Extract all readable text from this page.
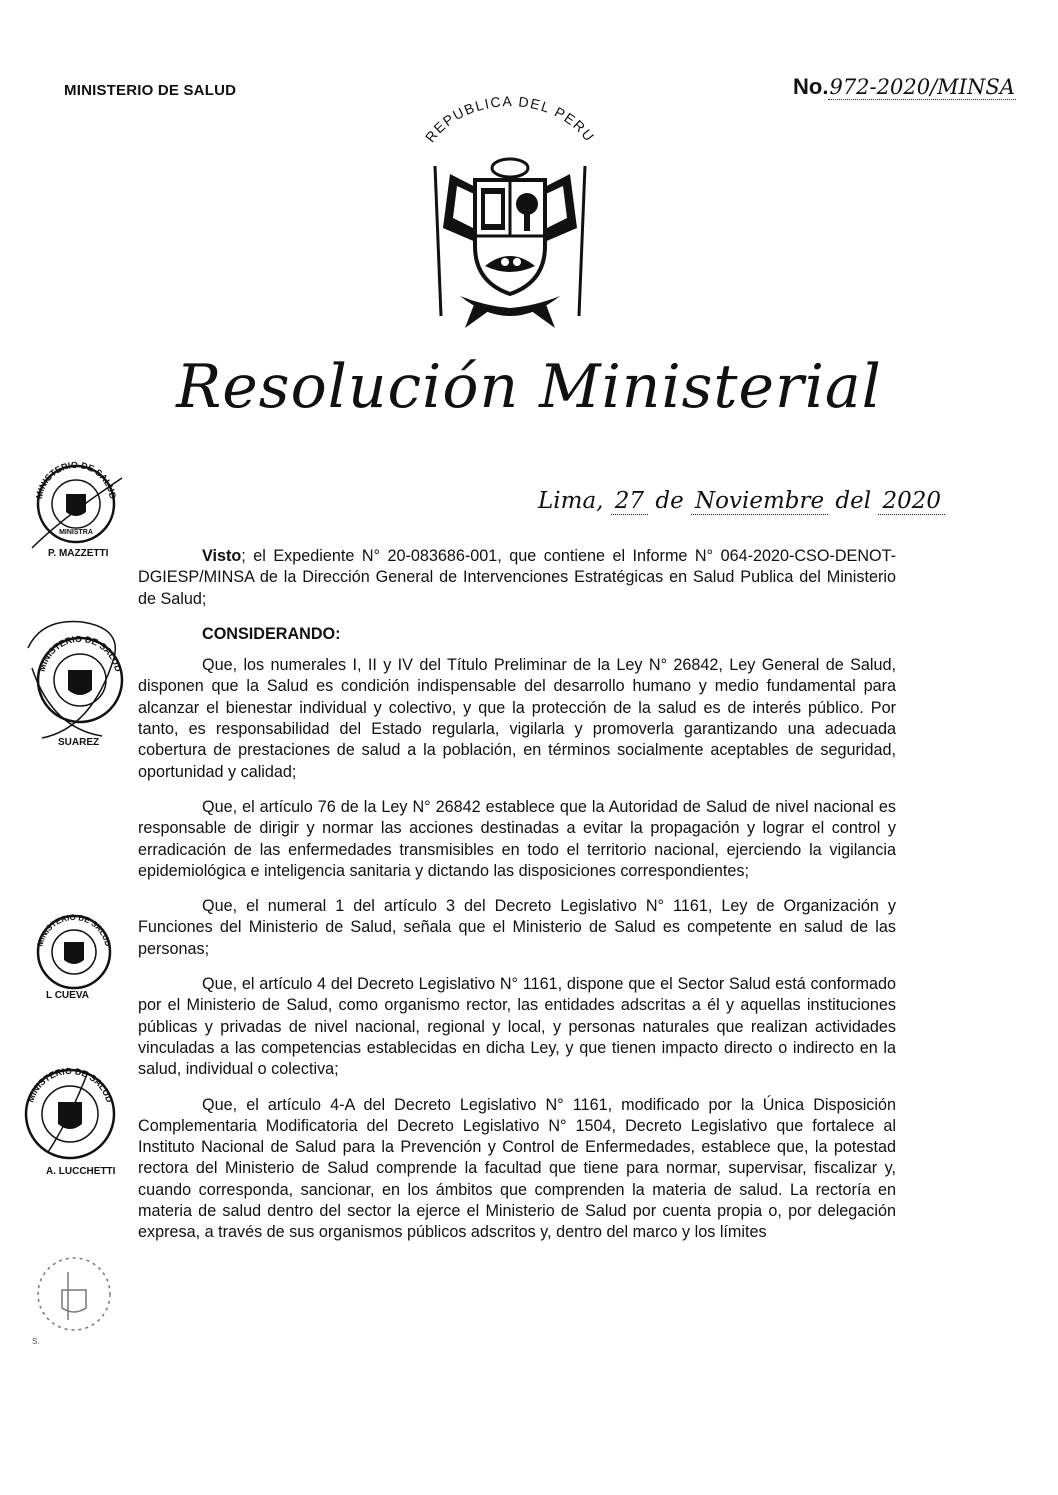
MINISTERIO DE SALUD	No.972-2020/MINSA
REPUBLICA DEL PERU
Resolución Ministerial
Lima, 27 de Noviembre del 2020
MINISTERIO DE SALUD
MINISTRA
P. MAZZETTI
MINISTERIO DE SALUD
SUAREZ
MINISTERIO DE SALUD
L CUEVA
MINISTERIO DE SALUD
A. LUCCHETTI
S.

Visto; el Expediente N° 20-083686-001, que contiene el Informe N° 064-2020-CSO-DENOT-DGIESP/MINSA de la Dirección General de Intervenciones Estratégicas en Salud Publica del Ministerio de Salud;

CONSIDERANDO:

Que, los numerales I, II y IV del Título Preliminar de la Ley N° 26842, Ley General de Salud, disponen que la Salud es condición indispensable del desarrollo humano y medio fundamental para alcanzar el bienestar individual y colectivo, y que la protección de la salud es de interés público. Por tanto, es responsabilidad del Estado regularla, vigilarla y promoverla garantizando una adecuada cobertura de prestaciones de salud a la población, en términos socialmente aceptables de seguridad, oportunidad y calidad;

Que, el artículo 76 de la Ley N° 26842 establece que la Autoridad de Salud de nivel nacional es responsable de dirigir y normar las acciones destinadas a evitar la propagación y lograr el control y erradicación de las enfermedades transmisibles en todo el territorio nacional, ejerciendo la vigilancia epidemiológica e inteligencia sanitaria y dictando las disposiciones correspondientes;

Que, el numeral 1 del artículo 3 del Decreto Legislativo N° 1161, Ley de Organización y Funciones del Ministerio de Salud, señala que el Ministerio de Salud es competente en salud de las personas;

Que, el artículo 4 del Decreto Legislativo N° 1161, dispone que el Sector Salud está conformado por el Ministerio de Salud, como organismo rector, las entidades adscritas a él y aquellas instituciones públicas y privadas de nivel nacional, regional y local, y personas naturales que realizan actividades vinculadas a las competencias establecidas en dicha Ley, y que tienen impacto directo o indirecto en la salud, individual o colectiva;

Que, el artículo 4-A del Decreto Legislativo N° 1161, modificado por la Única Disposición Complementaria Modificatoria del Decreto Legislativo N° 1504, Decreto Legislativo que fortalece al Instituto Nacional de Salud para la Prevención y Control de Enfermedades, establece que, la potestad rectora del Ministerio de Salud comprende la facultad que tiene para normar, supervisar, fiscalizar y, cuando corresponda, sancionar, en los ámbitos que comprenden la materia de salud. La rectoría en materia de salud dentro del sector la ejerce el Ministerio de Salud por cuenta propia o, por delegación expresa, a través de sus organismos públicos adscritos y, dentro del marco y los límites
